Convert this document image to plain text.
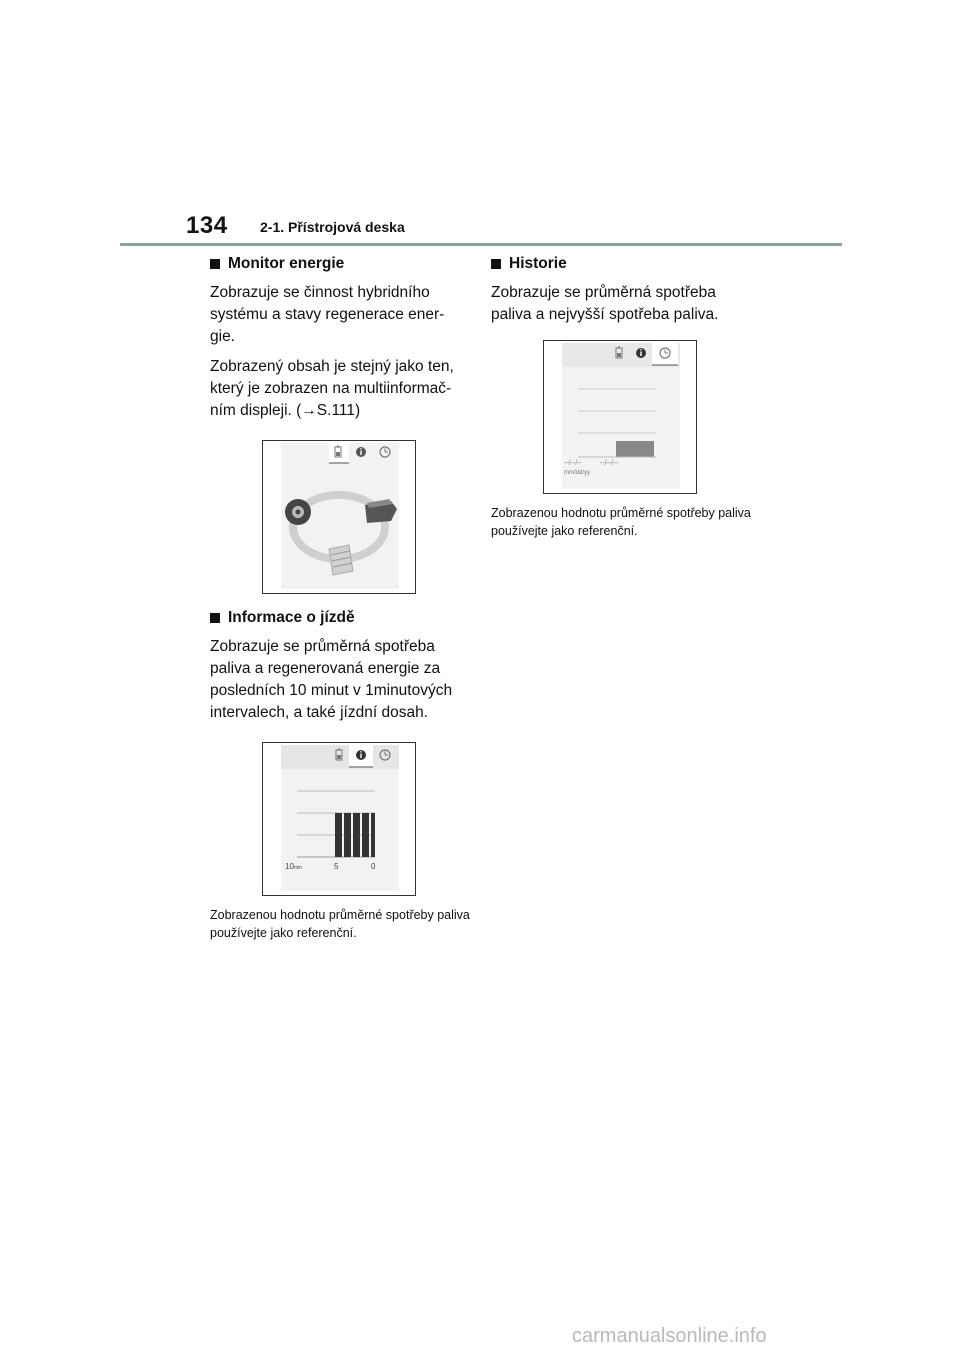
134 2-1. Přístrojová deska
Monitor energie

Zobrazuje se činnost hybridního systému a stavy regenerace ener- gie.

Zobrazený obsah je stejný jako ten, který je zobrazen na multiinformač- ním displeji. (→S.111)

Informace o jízdě

Zobrazuje se průměrná spotřeba paliva a regenerovaná energie za posledních 10 minut v 1minutových intervalech, a také jízdní dosah.

10 min	5	0

Zobrazenou hodnotu průměrné spotřeby paliva používejte jako referenční.

Historie

Zobrazuje se průměrná spotřeba paliva a nejvyšší spotřeba paliva.

--/--/--	--/--/--
mm/dd/yy

Zobrazenou hodnotu průměrné spotřeby paliva používejte jako referenční.

carmanualsonline.info
